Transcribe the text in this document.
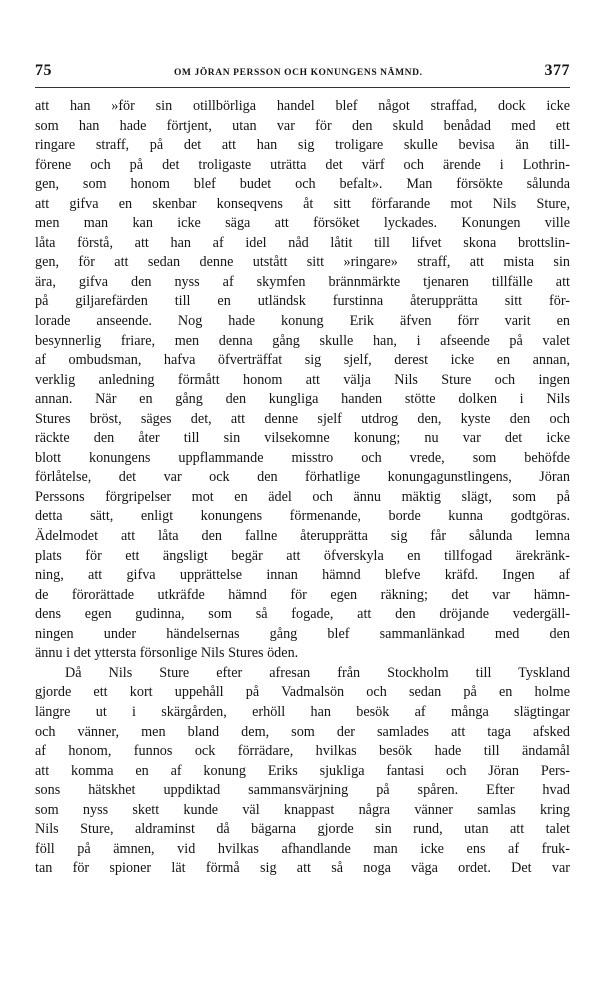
75	OM JÖRAN PERSSON OCH KONUNGENS NÄMND.	377
att han »för sin otillbörliga handel blef något straffad, dock icke
som han hade förtjent, utan var för den skuld benådad med ett
ringare straff, på det att han sig troligare skulle bevisa än till-
förene och på det troligaste uträtta det värf och ärende i Lothrin-
gen, som honom blef budet och befalt». Man försökte sålunda
att gifva en skenbar konseqvens åt sitt förfarande mot Nils Sture,
men man kan icke säga att försöket lyckades. Konungen ville
låta förstå, att han af idel nåd låtit till lifvet skona brottslin-
gen, för att sedan denne utstått sitt »ringare» straff, att mista sin
ära, gifva den nyss af skymfen brännmärkte tjenaren tillfälle att
på giljarefärden till en utländsk furstinna återupprätta sitt för-
lorade anseende. Nog hade konung Erik äfven förr varit en
besynnerlig friare, men denna gång skulle han, i afseende på valet
af ombudsman, hafva öfverträffat sig sjelf, derest icke en annan,
verklig anledning förmått honom att välja Nils Sture och ingen
annan. När en gång den kungliga handen stötte dolken i Nils
Stures bröst, säges det, att denne sjelf utdrog den, kyste den och
räckte den åter till sin vilsekomne konung; nu var det icke
blott konungens uppflammande misstro och vrede, som behöfde
förlåtelse, det var ock den förhatlige konungagunstlingens, Jöran
Perssons förgripelser mot en ädel och ännu mäktig slägt, som på
detta sätt, enligt konungens förmenande, borde kunna godtgöras.
Ädelmodet att låta den fallne återupprätta sig får sålunda lemna
plats för ett ängsligt begär att öfverskyla en tillfogad ärekränk-
ning, att gifva upprättelse innan hämnd blefve kräfd. Ingen af
de förorättade utkräfde hämnd för egen räkning; det var hämn-
dens egen gudinna, som så fogade, att den dröjande vedergäll-
ningen under händelsernas gång blef sammanlänkad med den
ännu i det yttersta försonlige Nils Stures öden.
Då Nils Sture efter afresan från Stockholm till Tyskland
gjorde ett kort uppehåll på Vadmalsön och sedan på en holme
längre ut i skärgården, erhöll han besök af många slägtingar
och vänner, men bland dem, som der samlades att taga afsked
af honom, funnos ock förrädare, hvilkas besök hade till ändamål
att komma en af konung Eriks sjukliga fantasi och Jöran Pers-
sons hätskhet uppdiktad sammansvärjning på spåren. Efter hvad
som nyss skett kunde väl knappast några vänner samlas kring
Nils Sture, aldraminst då bägarna gjorde sin rund, utan att talet
föll på ämnen, vid hvilkas afhandlande man icke ens af fruk-
tan för spioner lät förmå sig att så noga väga ordet. Det var
